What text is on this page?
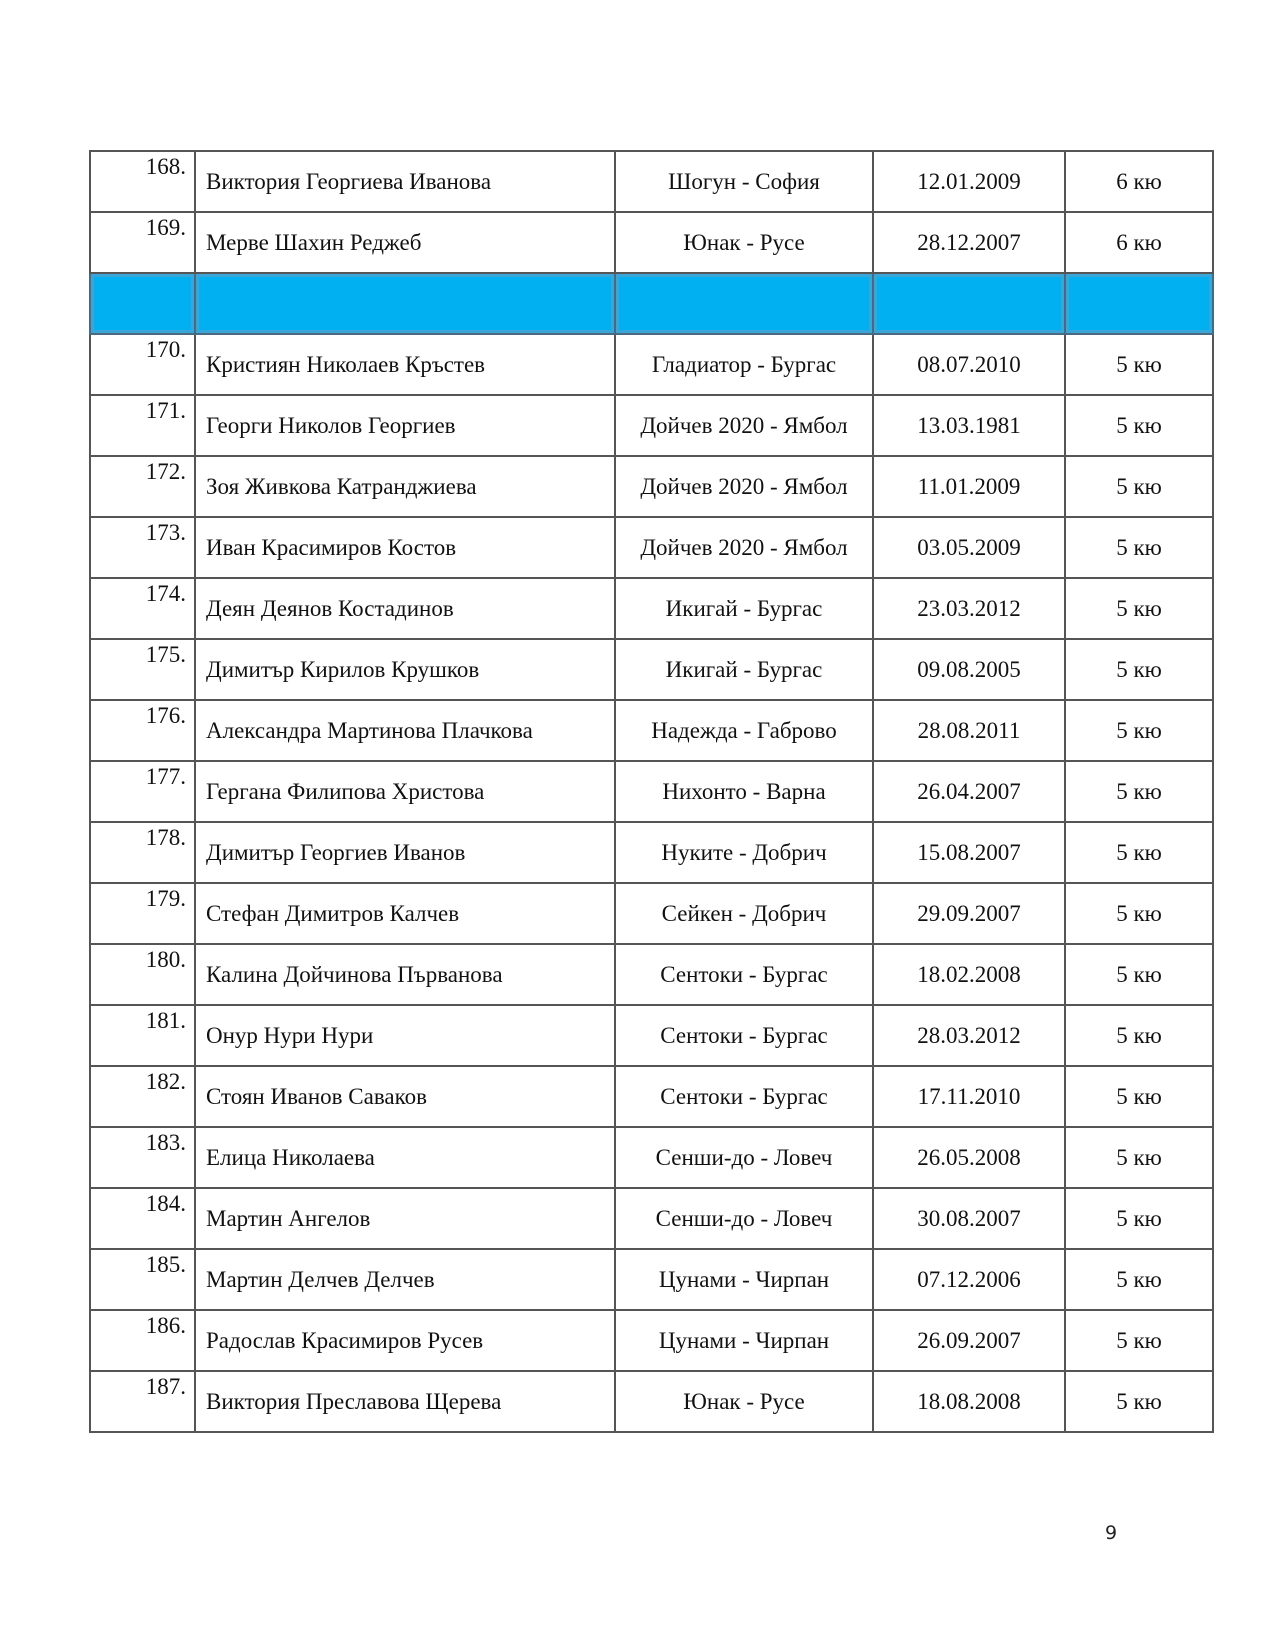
168.	Виктория Георгиева Иванова	Шогун - София	12.01.2009	6 кю
169.	Мерве Шахин Реджеб	Юнак - Русе	28.12.2007	6 кю

170.	Кристиян Николаев Кръстев	Гладиатор - Бургас	08.07.2010	5 кю
171.	Георги Николов Георгиев	Дойчев 2020 - Ямбол	13.03.1981	5 кю
172.	Зоя Живкова Катранджиева	Дойчев 2020 - Ямбол	11.01.2009	5 кю
173.	Иван Красимиров Костов	Дойчев 2020 - Ямбол	03.05.2009	5 кю
174.	Деян Деянов Костадинов	Икигай - Бургас	23.03.2012	5 кю
175.	Димитър Кирилов Крушков	Икигай - Бургас	09.08.2005	5 кю
176.	Александра Мартинова Плачкова	Надежда - Габрово	28.08.2011	5 кю
177.	Гергана Филипова Христова	Нихонто - Варна	26.04.2007	5 кю
178.	Димитър Георгиев Иванов	Нуките - Добрич	15.08.2007	5 кю
179.	Стефан Димитров Калчев	Сейкен - Добрич	29.09.2007	5 кю
180.	Калина Дойчинова Първанова	Сентоки - Бургас	18.02.2008	5 кю
181.	Онур Нури Нури	Сентоки - Бургас	28.03.2012	5 кю
182.	Стоян Иванов Саваков	Сентоки - Бургас	17.11.2010	5 кю
183.	Елица Николаева	Сенши-до - Ловеч	26.05.2008	5 кю
184.	Мартин Ангелов	Сенши-до - Ловеч	30.08.2007	5 кю
185.	Мартин Делчев Делчев	Цунами - Чирпан	07.12.2006	5 кю
186.	Радослав Красимиров Русев	Цунами - Чирпан	26.09.2007	5 кю
187.	Виктория Преславова Щерева	Юнак - Русе	18.08.2008	5 кю
9
